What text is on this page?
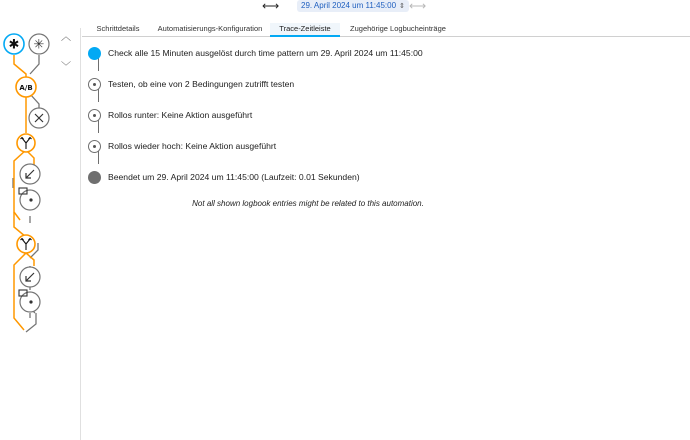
⟷	29. April 2024 um 11:45:00 ⇕ ⟷
︿
﹀
✱ ✳
A/B
Schrittdetails	Automatisierungs-Konfiguration	Trace-Zeitleiste	Zugehörige Logbucheinträge
Check alle 15 Minuten ausgelöst durch time pattern um 29. April 2024 um 11:45:00
Testen, ob eine von 2 Bedingungen zutrifft testen
Rollos runter: Keine Aktion ausgeführt
Rollos wieder hoch: Keine Aktion ausgeführt
Beendet um 29. April 2024 um 11:45:00 (Laufzeit: 0.01 Sekunden)
Not all shown logbook entries might be related to this automation.
